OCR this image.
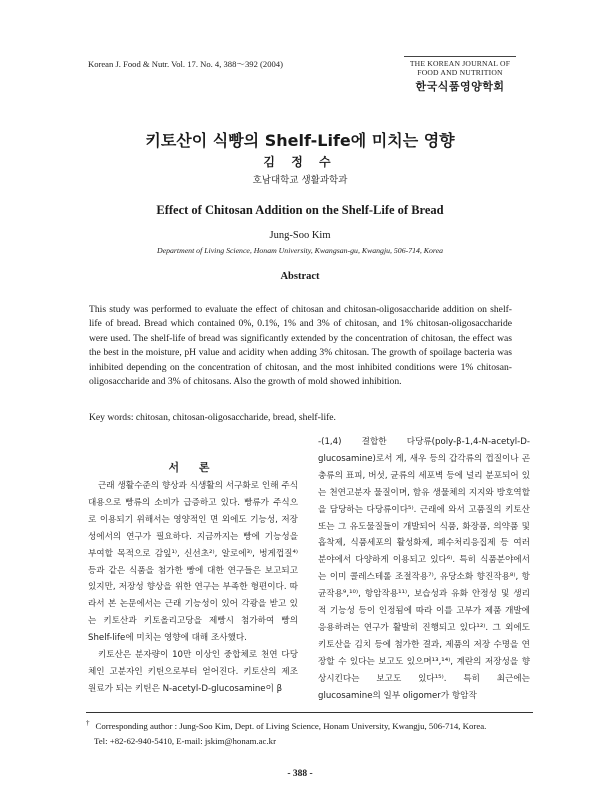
Korean J. Food & Nutr. Vol. 17. No. 4, 388～392 (2004)	THE KOREAN JOURNAL OF
FOOD AND NUTRITION
한국식품영양학회
키토산이 식빵의 Shelf-Life에 미치는 영향
김 정 수
호남대학교 생활과학과
Effect of Chitosan Addition on the Shelf-Life of Bread
Jung-Soo Kim
Department of Living Science, Honam University, Kwangsan-gu, Kwangju, 506-714, Korea
Abstract

This study was performed to evaluate the effect of chitosan and chitosan-oligosaccharide addition on shelf-life of bread. Bread which contained 0%, 0.1%, 1% and 3% of chitosan, and 1% chitosan-oligosaccharide were used. The shelf-life of bread was significantly extended by the concentration of chitosan, the effect was the best in the moisture, pH value and acidity when adding 3% chitosan. The growth of spoilage bacteria was inhibited depending on the concentration of chitosan, and the most inhibited conditions were 1% chitosan-oligosaccharide and 3% of chitosans. Also the growth of mold showed inhibition.

Key words: chitosan, chitosan-oligosaccharide, bread, shelf-life.
서 론

근래 생활수준의 향상과 식생활의 서구화로 인해 주식 대용으로 빵류의 소비가 급증하고 있다. 빵류가 주식으로 이용되기 위해서는 영양적인 면 외에도 기능성, 저장성에서의 연구가 필요하다. 지금까지는 빵에 기능성을 부여할 목적으로 감잎¹⁾, 신선초²⁾, 알로에³⁾, 벙게껍질⁴⁾ 등과 같은 식품을 첨가한 빵에 대한 연구들은 보고되고 있지만, 저장성 향상을 위한 연구는 부족한 형편이다. 따라서 본 논문에서는 근래 기능성이 있어 각광을 받고 있는 키토산과 키토올리고당을 제빵시 첨가하여 빵의 Shelf-life에 미치는 영향에 대해 조사했다.

키토산은 분자량이 10만 이상인 중합체로 천연 다당체인 고분자인 키틴으로부터 얻어진다. 키토산의 제조 원료가 되는 키틴은 N-acetyl-D-glucosamine이 β

-(1,4) 결합한 다당류(poly-β-1,4-N-acetyl-D-glucosamine)로서 게, 새우 등의 갑각류의 껍질이나 곤충류의 표피, 버섯, 균류의 세포벽 등에 널리 분포되어 있는 천연고분자 물질이며, 함유 생물체의 지지와 방호역할을 담당하는 다당류이다⁵⁾. 근래에 와서 고품질의 키토산 또는 그 유도물질들이 개발되어 식품, 화장품, 의약품 및 흡착제, 식품세포의 활성화제, 폐수처리응집제 등 여러 분야에서 다양하게 이용되고 있다⁶⁾. 특히 식품분야에서는 이미 콜레스테롤 조절작용⁷⁾, 유당소화 향진작용⁸⁾, 항균작용⁹,¹⁰⁾, 항암작용¹¹⁾, 보습성과 유화 안정성 및 생리적 기능성 등이 인정됨에 따라 이를 고부가 제품 개발에 응용하려는 연구가 활발히 진행되고 있다¹²⁾. 그 외에도 키토산을 김치 등에 첨가한 결과, 제품의 저장 수명을 연장할 수 있다는 보고도 있으며¹³,¹⁴⁾, 계란의 저장성을 향상시킨다는 보고도 있다¹⁵⁾. 특히 최근에는 glucosamine의 일부 oligomer가 항암작

† Corresponding author : Jung-Soo Kim, Dept. of Living Science, Honam University, Kwangju, 506-714, Korea.
Tel: +82-62-940-5410, E-mail: jskim@honam.ac.kr
- 388 -
